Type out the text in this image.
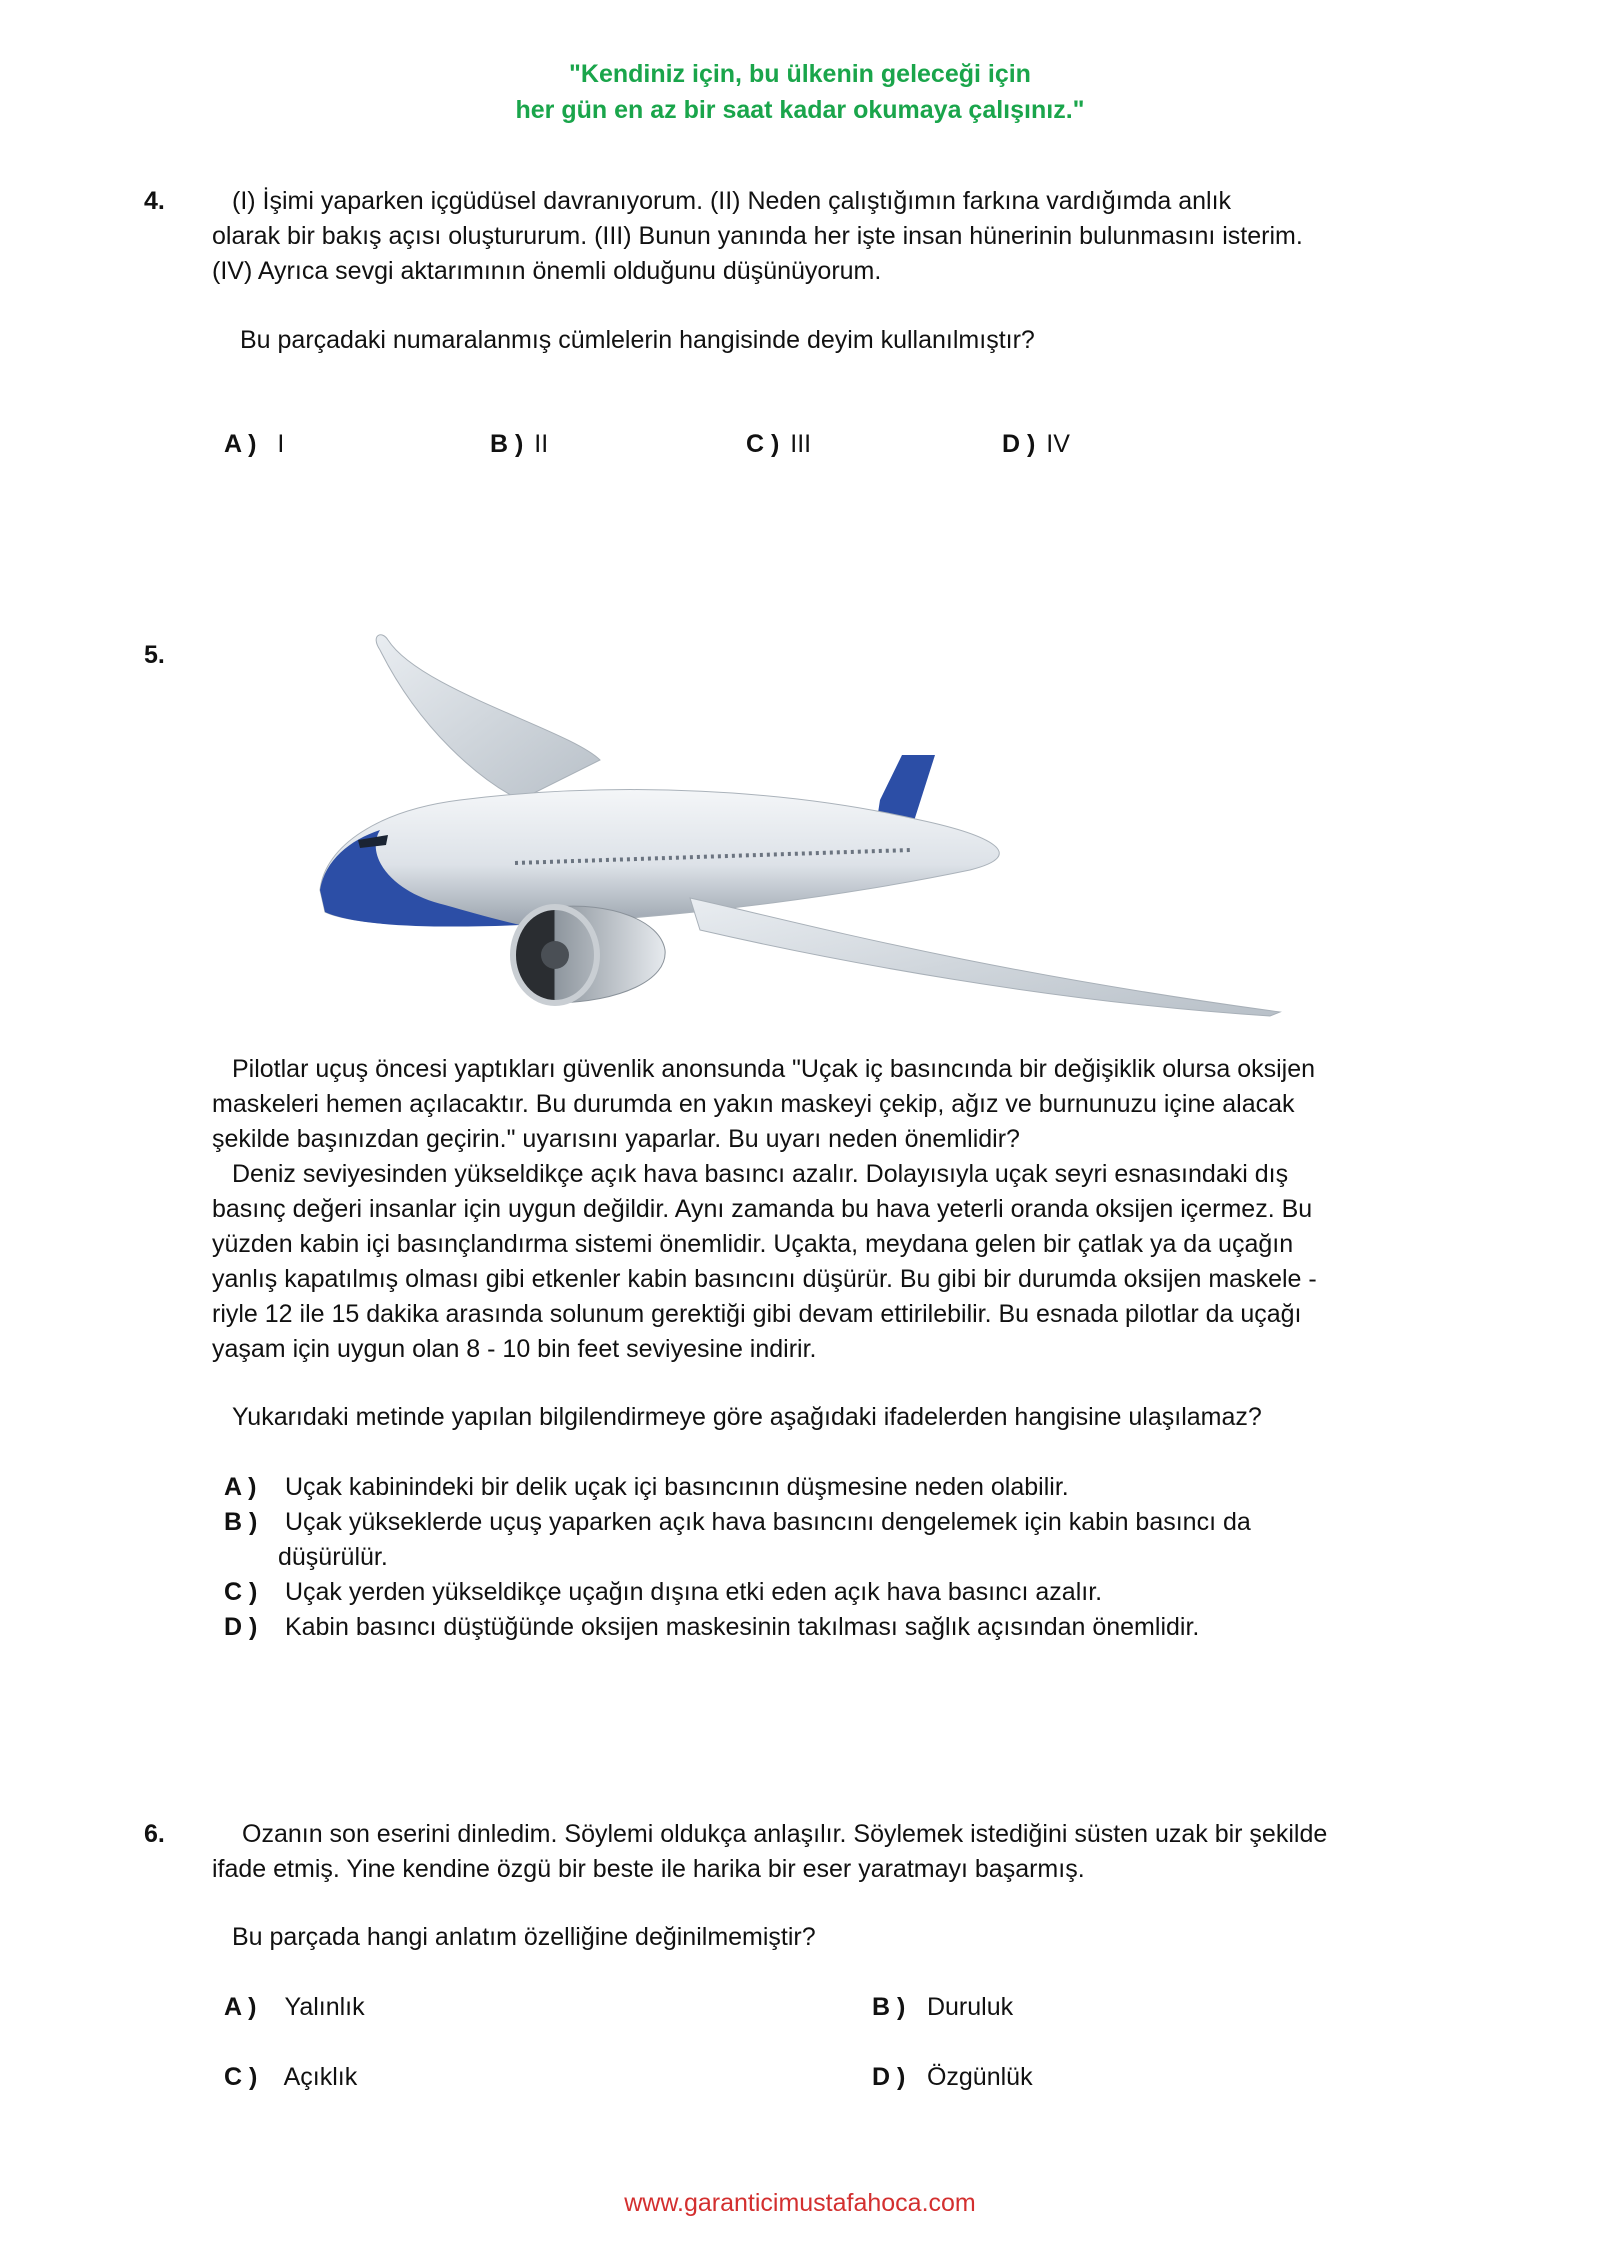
"Kendiniz için, bu ülkenin geleceği için
her gün en az bir saat kadar okumaya çalışınız."
4.	(I) İşimi yaparken içgüdüsel davranıyorum. (II) Neden çalıştığımın farkına vardığımda anlık
olarak bir bakış açısı oluştururum. (III) Bunun yanında her işte insan hünerinin bulunmasını isterim.
(IV) Ayrıca sevgi aktarımının önemli olduğunu düşünüyorum.
Bu parçadaki numaralanmış cümlelerin hangisinde deyim kullanılmıştır?
A ) I	B ) II	C ) III	D ) IV
5.
Pilotlar uçuş öncesi yaptıkları güvenlik anonsunda "Uçak iç basıncında bir değişiklik olursa oksijen
maskeleri hemen açılacaktır. Bu durumda en yakın maskeyi çekip, ağız ve burnunuzu içine alacak
şekilde başınızdan geçirin." uyarısını yaparlar. Bu uyarı neden önemlidir?
Deniz seviyesinden yükseldikçe açık hava basıncı azalır. Dolayısıyla uçak seyri esnasındaki dış
basınç değeri insanlar için uygun değildir. Aynı zamanda bu hava yeterli oranda oksijen içermez. Bu
yüzden kabin içi basınçlandırma sistemi önemlidir. Uçakta, meydana gelen bir çatlak ya da uçağın
yanlış kapatılmış olması gibi etkenler kabin basıncını düşürür. Bu gibi bir durumda oksijen maskele -
riyle 12 ile 15 dakika arasında solunum gerektiği gibi devam ettirilebilir. Bu esnada pilotlar da uçağı
yaşam için uygun olan 8 - 10 bin feet seviyesine indirir.
Yukarıdaki metinde yapılan bilgilendirmeye göre aşağıdaki ifadelerden hangisine ulaşılamaz?
A ) Uçak kabinindeki bir delik uçak içi basıncının düşmesine neden olabilir.
B ) Uçak yükseklerde uçuş yaparken açık hava basıncını dengelemek için kabin basıncı da
düşürülür.
C ) Uçak yerden yükseldikçe uçağın dışına etki eden açık hava basıncı azalır.
D ) Kabin basıncı düştüğünde oksijen maskesinin takılması sağlık açısından önemlidir.
6.	Ozanın son eserini dinledim. Söylemi oldukça anlaşılır. Söylemek istediğini süsten uzak bir şekilde
ifade etmiş. Yine kendine özgü bir beste ile harika bir eser yaratmayı başarmış.
Bu parçada hangi anlatım özelliğine değinilmemiştir?
A ) Yalınlık	B ) Duruluk
C ) Açıklık	D ) Özgünlük
www.garanticimustafahoca.com
